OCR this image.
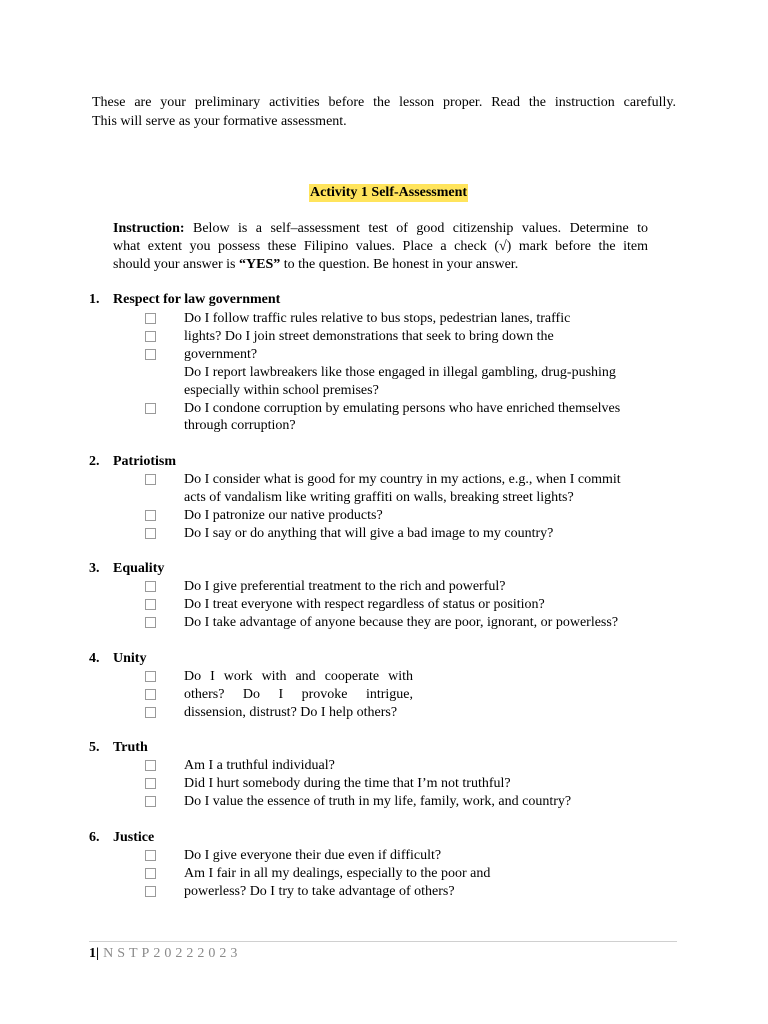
These are your preliminary activities before the lesson proper. Read the instruction carefully.
This will serve as your formative assessment.
Activity 1 Self-Assessment
Instruction: Below is a self–assessment test of good citizenship values. Determine to
what extent you possess these Filipino values. Place a check (√) mark before the item
should your answer is “YES” to the question. Be honest in your answer.
1. Respect for law government
Do I follow traffic rules relative to bus stops, pedestrian lanes, traffic
lights? Do I join street demonstrations that seek to bring down the
government?
Do I report lawbreakers like those engaged in illegal gambling, drug-pushing
especially within school premises?
Do I condone corruption by emulating persons who have enriched themselves
through corruption?
2. Patriotism
Do I consider what is good for my country in my actions, e.g., when I commit
acts of vandalism like writing graffiti on walls, breaking street lights?
Do I patronize our native products?
Do I say or do anything that will give a bad image to my country?
3. Equality
Do I give preferential treatment to the rich and powerful?
Do I treat everyone with respect regardless of status or position?
Do I take advantage of anyone because they are poor, ignorant, or powerless?
4. Unity
Do I work with and cooperate with
others? Do I provoke intrigue,
dissension, distrust? Do I help others?
5. Truth
Am I a truthful individual?
Did I hurt somebody during the time that I’m not truthful?
Do I value the essence of truth in my life, family, work, and country?
6. Justice
Do I give everyone their due even if difficult?
Am I fair in all my dealings, especially to the poor and
powerless? Do I try to take advantage of others?
1| NSTP20222023
